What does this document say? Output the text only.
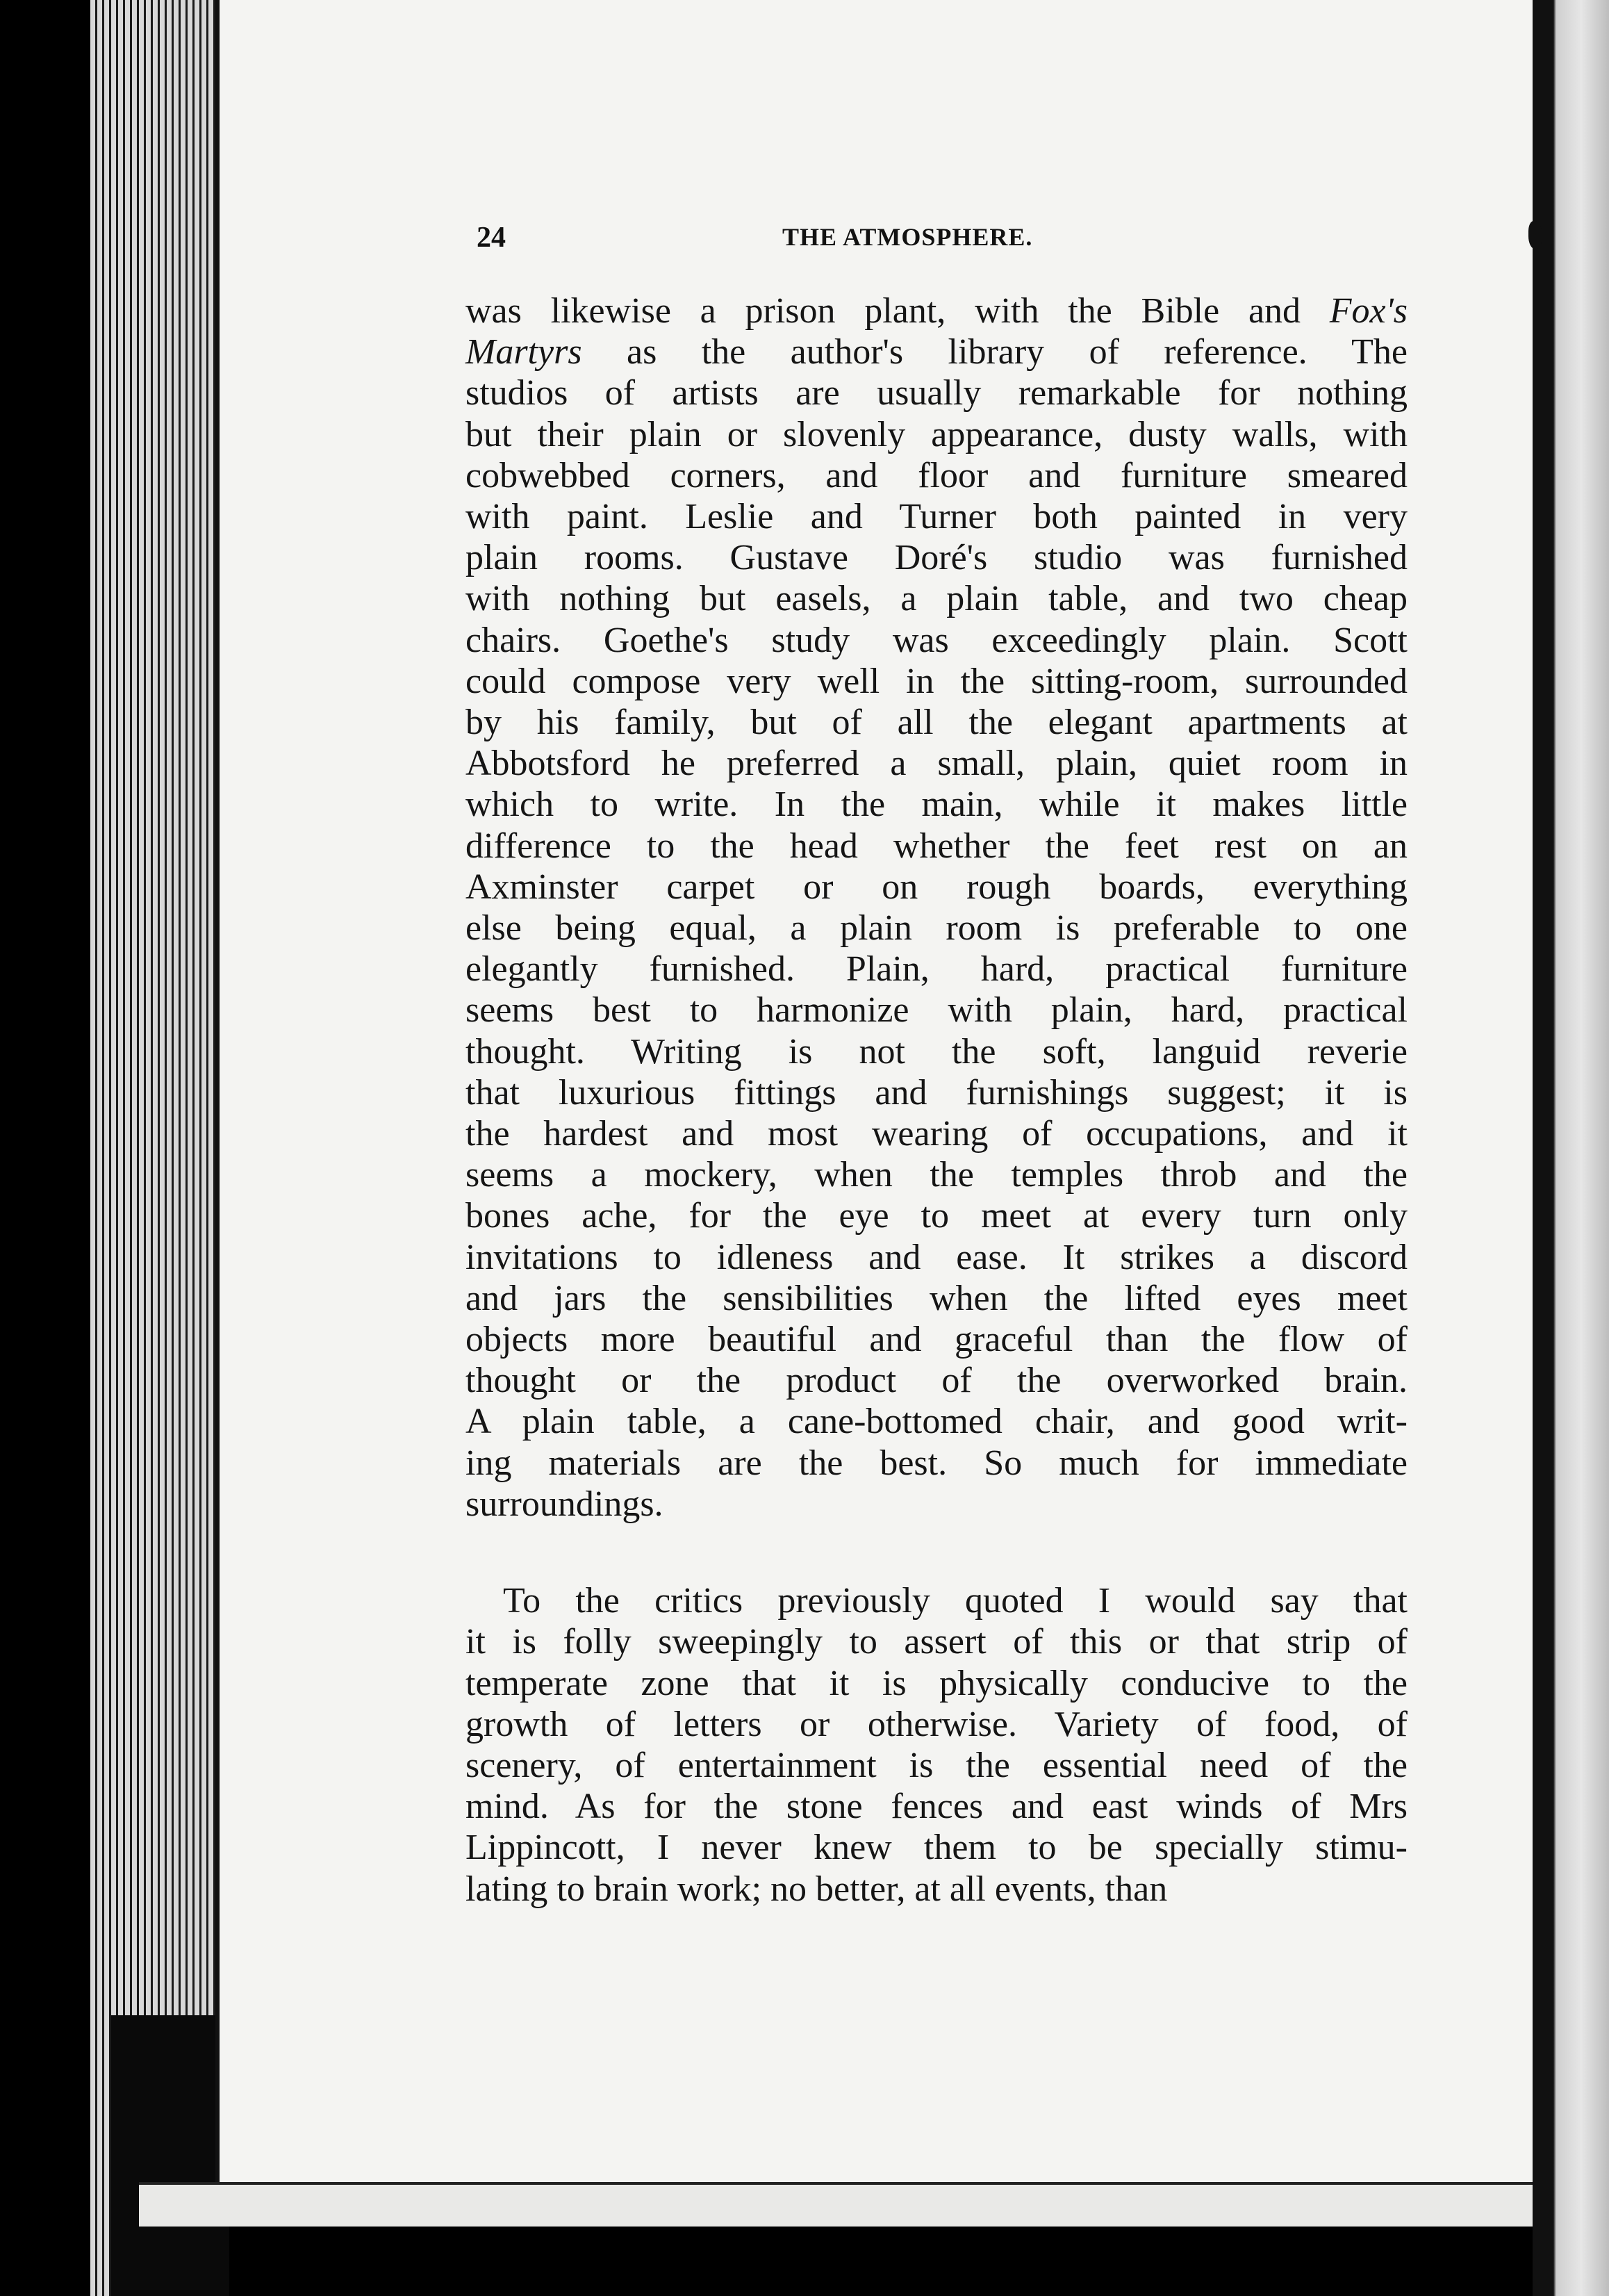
24	THE ATMOSPHERE.
was likewise a prison plant, with the Bible and Fox's
Martyrs as the author's library of reference. The
studios of artists are usually remarkable for nothing
but their plain or slovenly appearance, dusty walls, with
cobwebbed corners, and floor and furniture smeared
with paint. Leslie and Turner both painted in very
plain rooms. Gustave Doré's studio was furnished
with nothing but easels, a plain table, and two cheap
chairs. Goethe's study was exceedingly plain. Scott
could compose very well in the sitting-room, surrounded
by his family, but of all the elegant apartments at
Abbotsford he preferred a small, plain, quiet room in
which to write. In the main, while it makes little
difference to the head whether the feet rest on an
Axminster carpet or on rough boards, everything
else being equal, a plain room is preferable to one
elegantly furnished. Plain, hard, practical furniture
seems best to harmonize with plain, hard, practical
thought. Writing is not the soft, languid reverie
that luxurious fittings and furnishings suggest; it is
the hardest and most wearing of occupations, and it
seems a mockery, when the temples throb and the
bones ache, for the eye to meet at every turn only
invitations to idleness and ease. It strikes a discord
and jars the sensibilities when the lifted eyes meet
objects more beautiful and graceful than the flow of
thought or the product of the overworked brain.
A plain table, a cane-bottomed chair, and good writ-
ing materials are the best. So much for immediate
surroundings.
To the critics previously quoted I would say that
it is folly sweepingly to assert of this or that strip of
temperate zone that it is physically conducive to the
growth of letters or otherwise. Variety of food, of
scenery, of entertainment is the essential need of the
mind. As for the stone fences and east winds of Mrs
Lippincott, I never knew them to be specially stimu-
lating to brain work; no better, at all events, than
